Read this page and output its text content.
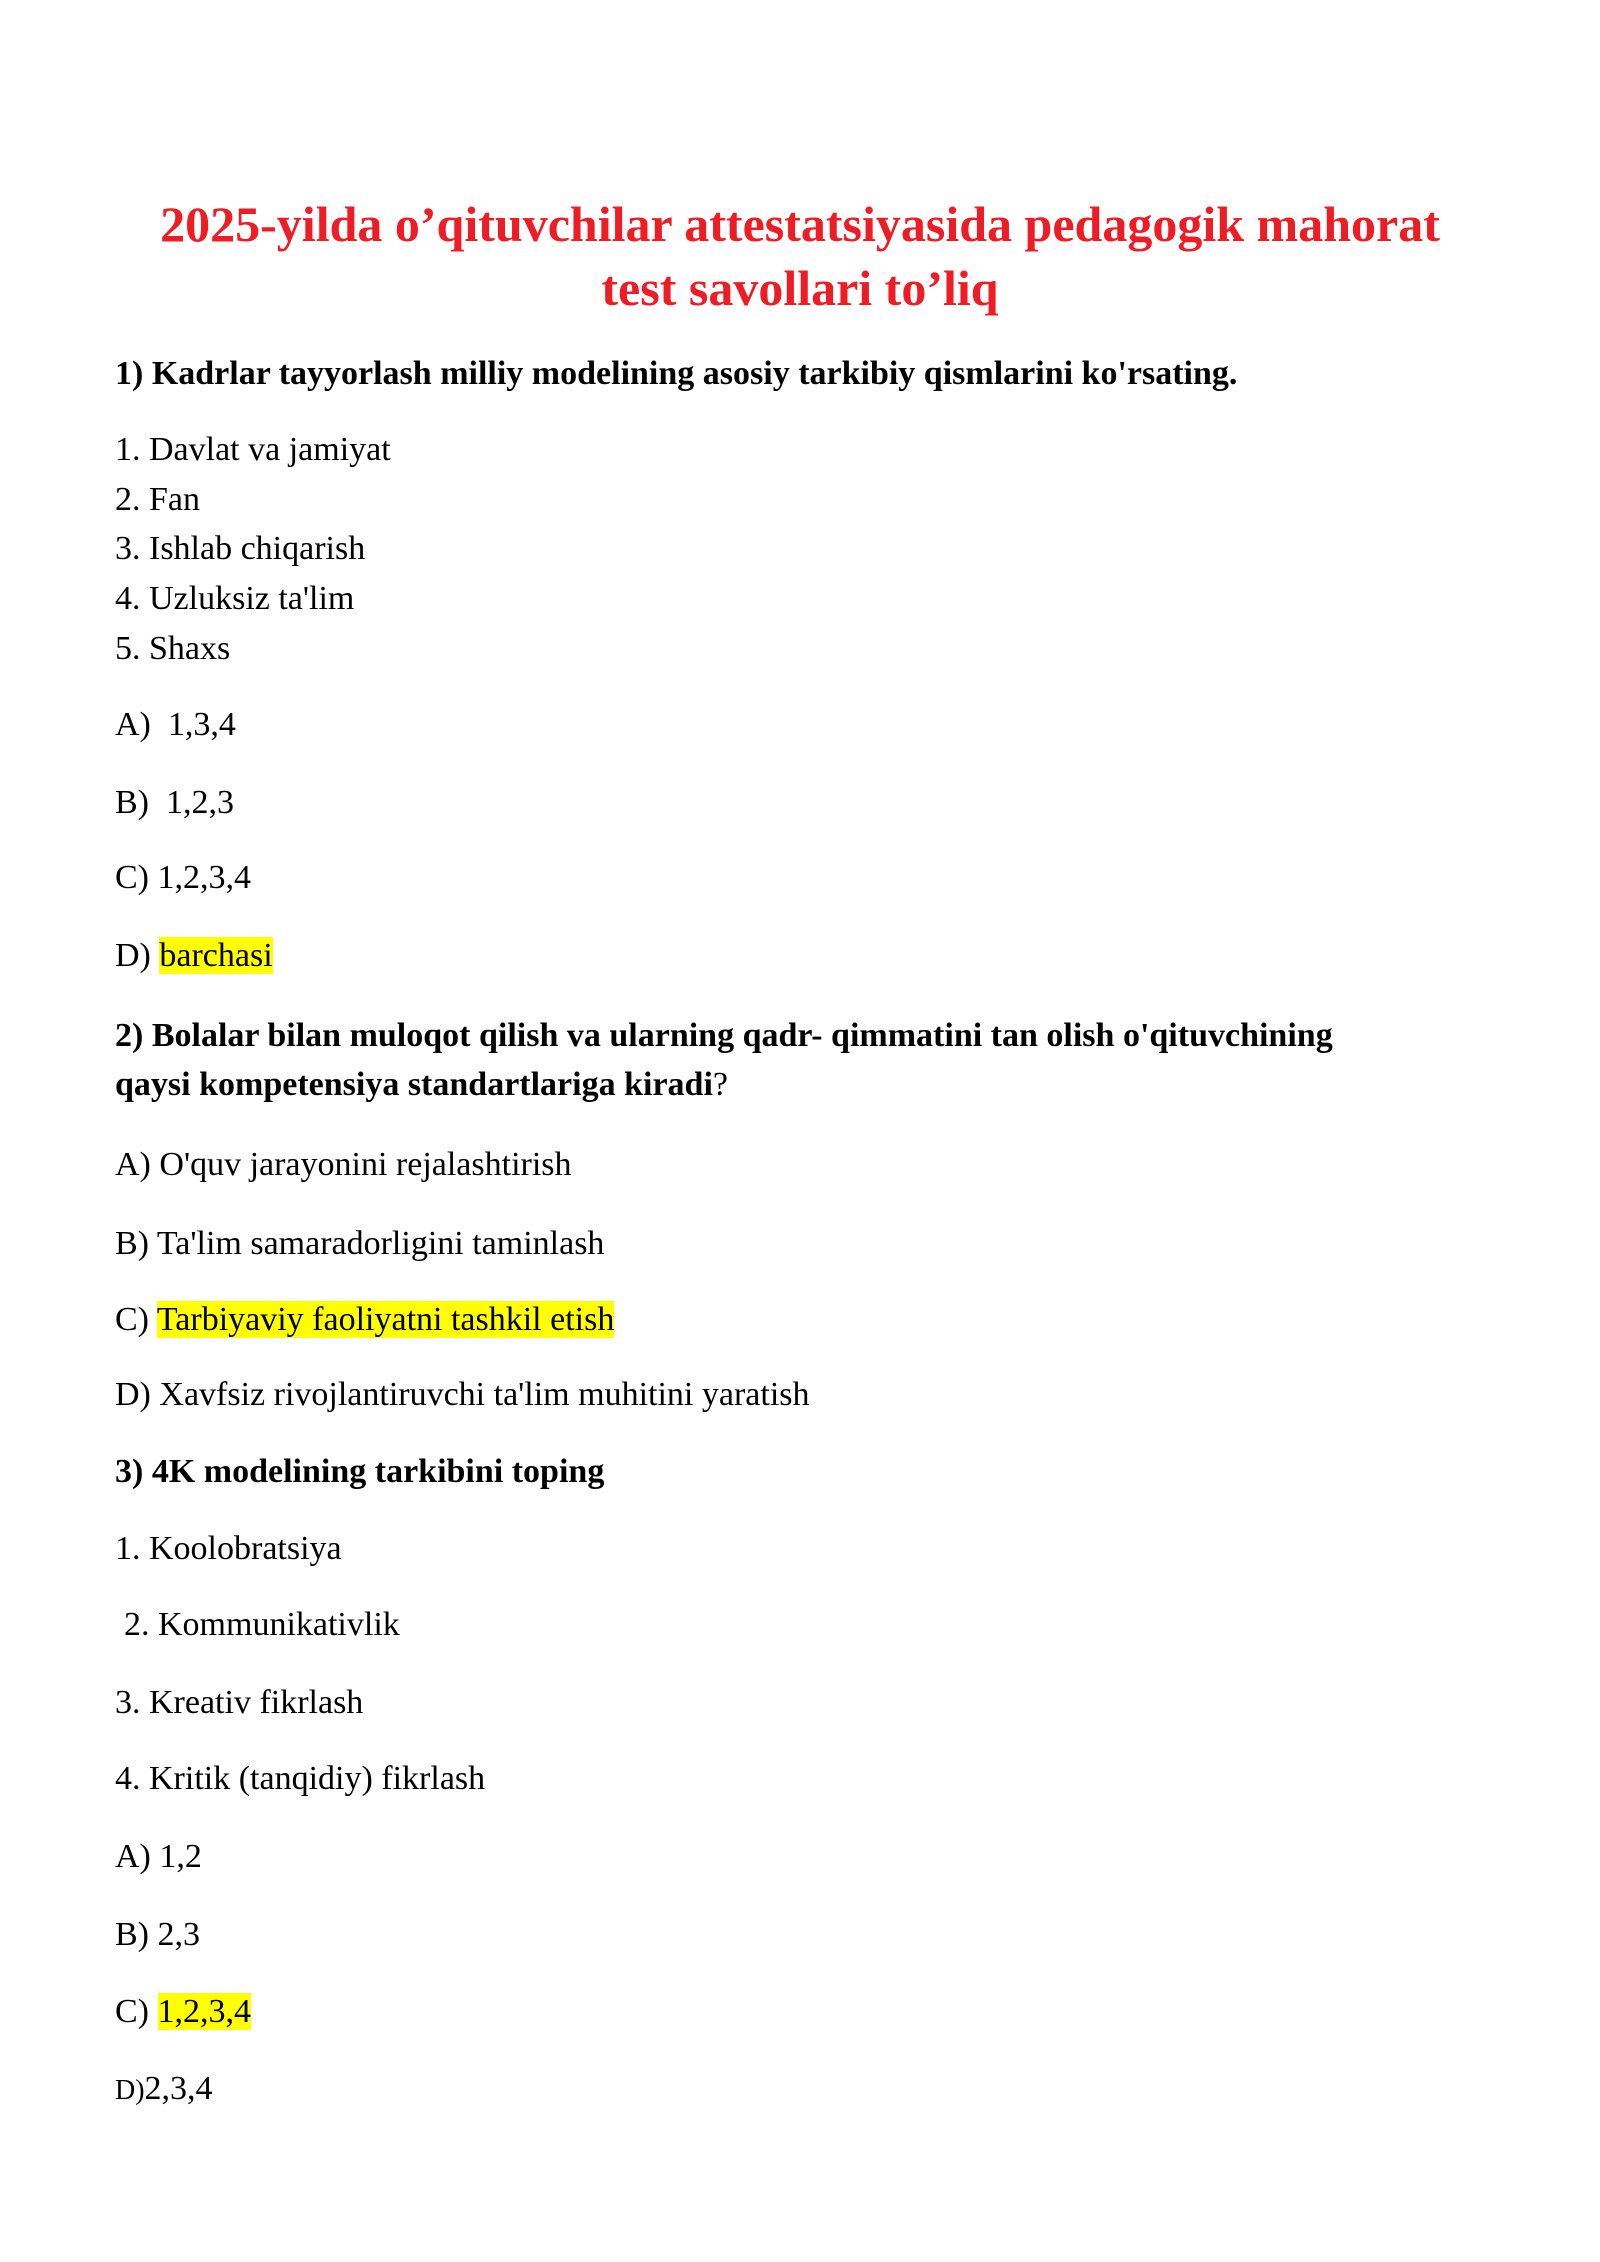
2025-yilda o’qituvchilar attestatsiyasida pedagogik mahorat
test savollari to’liq
1) Kadrlar tayyorlash milliy modelining asosiy tarkibiy qismlarini ko'rsating.
1. Davlat va jamiyat
2. Fan
3. Ishlab chiqarish
4. Uzluksiz ta'lim
5. Shaxs
A) 1,3,4
B) 1,2,3
C) 1,2,3,4
D) barchasi
2) Bolalar bilan muloqot qilish va ularning qadr- qimmatini tan olish o'qituvchining
qaysi kompetensiya standartlariga kiradi?
A) O'quv jarayonini rejalashtirish
B) Ta'lim samaradorligini taminlash
C) Tarbiyaviy faoliyatni tashkil etish
D) Xavfsiz rivojlantiruvchi ta'lim muhitini yaratish
3) 4K modelining tarkibini toping
1. Koolobratsiya
2. Kommunikativlik
3. Kreativ fikrlash
4. Kritik (tanqidiy) fikrlash
A) 1,2
B) 2,3
C) 1,2,3,4
D)2,3,4
